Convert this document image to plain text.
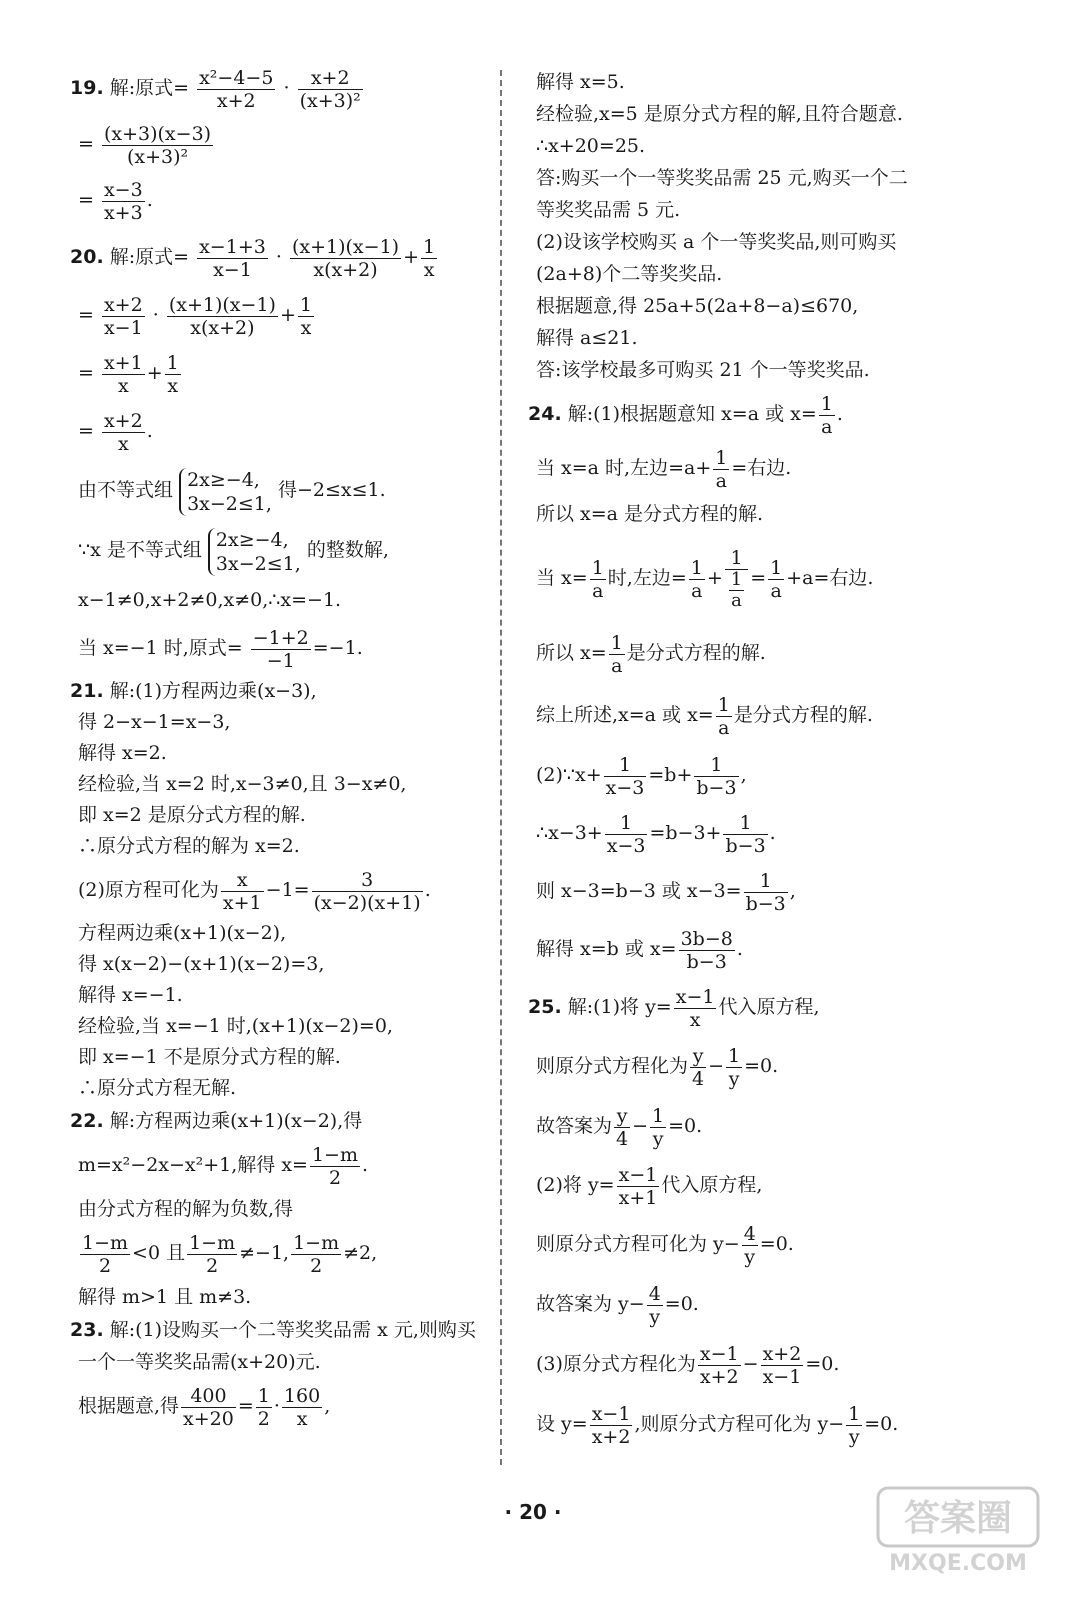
19. 解:原式= $\frac{\text{x²−4−5}}{x+2} \cdot \frac{x+2}{\text{(x+3)²}}$
= $\frac{(x+3)(x-3)}{\text{(x+3)²}}$
= $\frac{x-3}{x+3}$ .
20. 解:原式= $\frac{x-1+3}{x-1} \cdot \frac{(x+1)(x-1)}{x(x+2)} + \frac{1}{x}$
= $\frac{x+2}{x-1} \cdot \frac{(x+1)(x-1)}{x(x+2)} + \frac{1}{x}$
= $\frac{x+1}{x} + \frac{1}{x}$
= $\frac{x+2}{x}$ .
由不等式组 2x≥−4,
3x−2≤1,
得−2≤x≤1.
∵x 是不等式组 2x≥−4,
3x−2≤1,
的整数解,
x−1≠0,x+2≠0,x≠0,∴x=−1.
当 x=−1 时,原式= $\frac{-1+2}{-1} =-1$.
21. 解:(1)方程两边乘(x−3),
得 2−x−1=x−3,
解得 x=2.
经检验,当 x=2 时,x−3≠0,且 3−x≠0,
即 x=2 是原分式方程的解.
∴原分式方程的解为 x=2.
(2)原方程可化为 $\frac{x}{x+1} -1= \frac{3}{(x-2)(x+1)}$ .
方程两边乘(x+1)(x−2),
得 x(x−2)−(x+1)(x−2)=3,
解得 x=−1.
经检验,当 x=−1 时,(x+1)(x−2)=0,
即 x=−1 不是原分式方程的解.
∴原分式方程无解.
22. 解:方程两边乘(x+1)(x−2),得
m=x²−2x−x²+1,解得 $x= \frac{1-m}{2}$ .
由分式方程的解为负数,得
$\frac{1-m}{2} <0$ 且 $\frac{1-m}{2} \ne-1$, $\frac{1-m}{2} \ne 2$,
解得 m>1 且 m≠3.
23. 解:(1)设购买一个二等奖奖品需 x 元,则购买
一个一等奖奖品需(x+20)元.
根据题意,得 $\frac{400}{x+20} = \frac{1}{2} \cdot \frac{160}{x}$ ,
解得 x=5.
经检验,x=5 是原分式方程的解,且符合题意.
∴x+20=25.
答:购买一个一等奖奖品需 25 元,购买一个二
等奖奖品需 5 元.
(2)设该学校购买 a 个一等奖奖品,则可购买
(2a+8)个二等奖奖品.
根据题意,得 25a+5(2a+8−a)≤670,
解得 a≤21.
答:该学校最多可购买 21 个一等奖奖品.
24. 解:(1)根据题意知 x=a 或 $x= \frac{1}{a}$ .
当 x=a 时,左边$=a+ \frac{1}{a}$ =右边.
所以 x=a 是分式方程的解.
当 $x= \frac{1}{a}$ 时,左边= $\frac{1}{a} + 1$
1
$a = \frac{1}{a} +a=$右边.
所以 $x= \frac{1}{a}$ 是分式方程的解.
综上所述,x=a 或 $x= \frac{1}{a}$ 是分式方程的解.
(2)∵x+ $\frac{1}{x-3} =b+ \frac{1}{b-3}$ ,
∴x−3+ $\frac{1}{x-3} =b-3+ \frac{1}{b-3}$ .
则 x−3=b−3 或 $x-3= \frac{1}{b-3}$ ,
解得 x=b 或 $x= \frac{3b-8}{b-3}$ .
25. 解:(1)将 $y= \frac{x-1}{x}$ 代入原方程,
则原分式方程化为 $\frac{y}{4} - \frac{1}{y} =0$.
故答案为 $\frac{y}{4} - \frac{1}{y} =0$.
(2)将 $y= \frac{x-1}{x+1}$ 代入原方程,
则原分式方程可化为 $y- \frac{4}{y} =0$.
故答案为 $y- \frac{4}{y} =0$.
(3)原分式方程化为 $\frac{x-1}{x+2} - \frac{x+2}{x-1} =0$.
设 $y= \frac{x-1}{x+2}$ ,则原分式方程可化为 $y- \frac{1}{y} =0$.
· 20 ·	答案圈 MXQE.COM
